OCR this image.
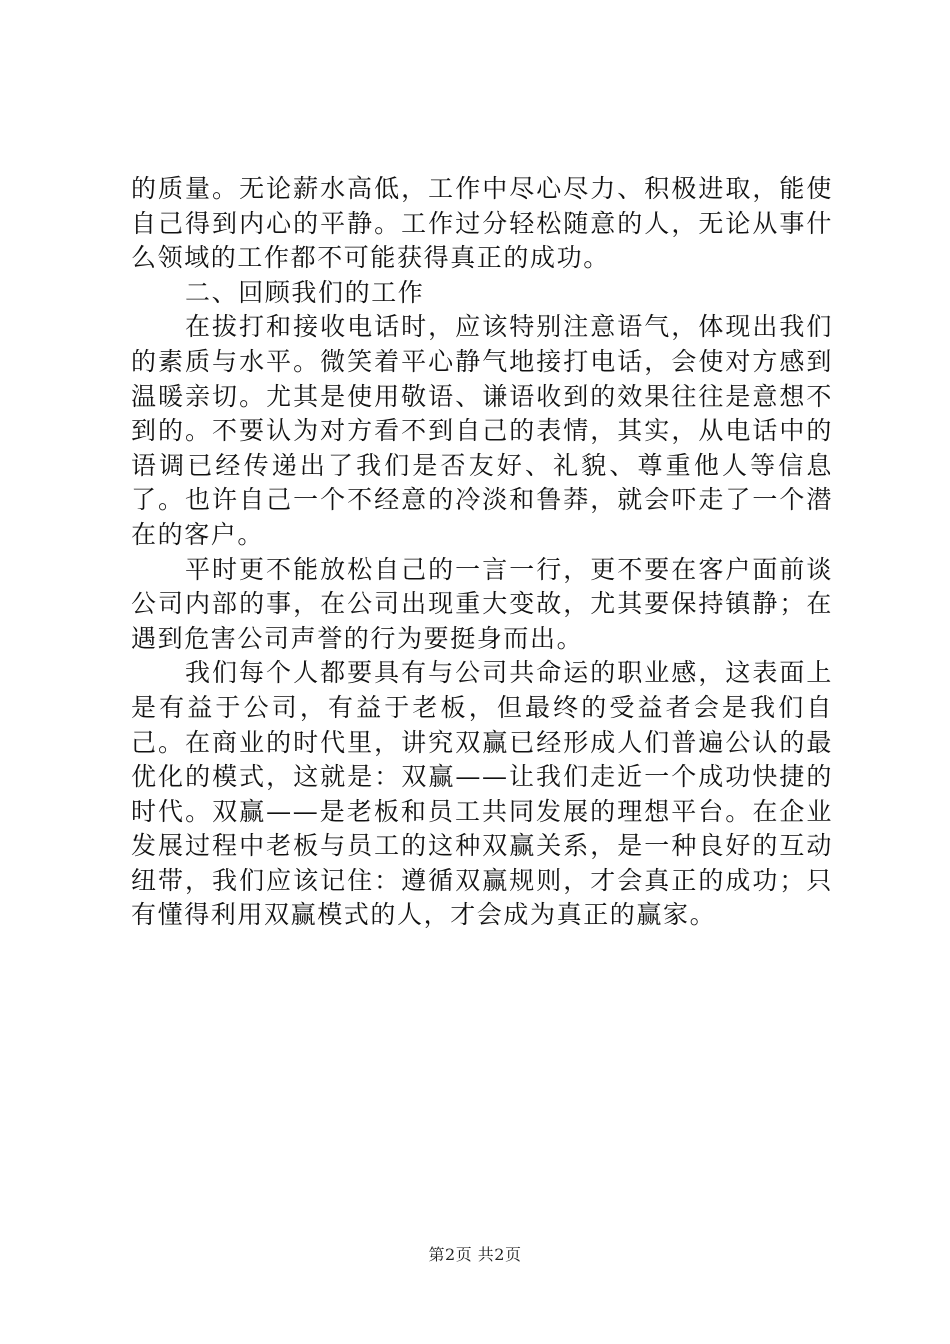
的质量。无论薪水高低，工作中尽心尽力、积极进取，能使自己得到内心的平静。工作过分轻松随意的人，无论从事什么领域的工作都不可能获得真正的成功。

二、回顾我们的工作

在拔打和接收电话时，应该特别注意语气，体现出我们的素质与水平。微笑着平心静气地接打电话，会使对方感到温暖亲切。尤其是使用敬语、谦语收到的效果往往是意想不到的。不要认为对方看不到自己的表情，其实，从电话中的语调已经传递出了我们是否友好、礼貌、尊重他人等信息了。也许自己一个不经意的冷淡和鲁莽，就会吓走了一个潜在的客户。

平时更不能放松自己的一言一行，更不要在客户面前谈公司内部的事，在公司出现重大变故，尤其要保持镇静；在遇到危害公司声誉的行为要挺身而出。

我们每个人都要具有与公司共命运的职业感，这表面上是有益于公司，有益于老板，但最终的受益者会是我们自己。在商业的时代里，讲究双赢已经形成人们普遍公认的最优化的模式，这就是：双赢——让我们走近一个成功快捷的时代。双赢——是老板和员工共同发展的理想平台。在企业发展过程中老板与员工的这种双赢关系，是一种良好的互动纽带，我们应该记住：遵循双赢规则，才会真正的成功；只有懂得利用双赢模式的人，才会成为真正的赢家。

第2页 共2页
